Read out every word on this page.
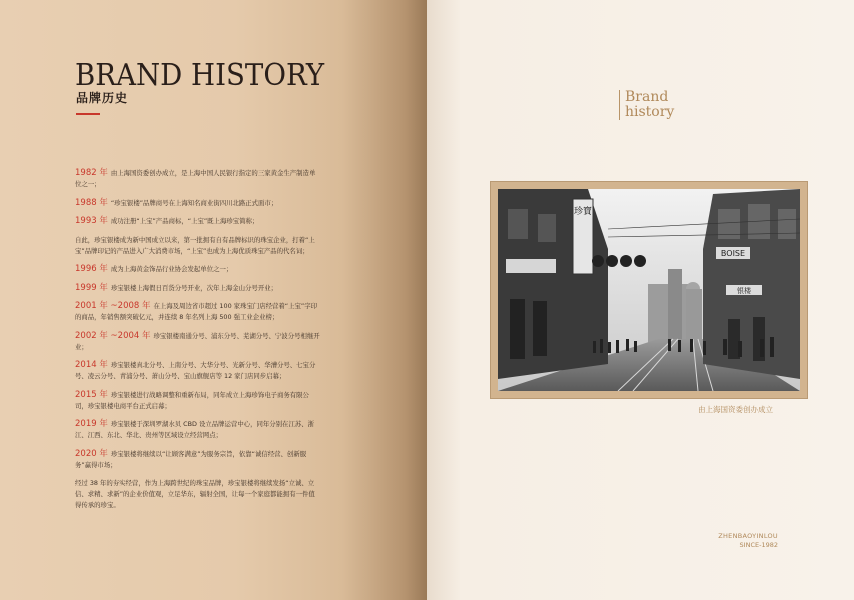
BRAND HISTORY
品牌历史

1982 年 由上海国资委创办成立，是上海中国人民银行指定的三家黄金生产制造单位之一；

1988 年 “珍宝银楼”品牌商号在上海知名商业街四川北路正式面市；

1993 年 成功注册“上宝”产品商标，“上宝”既上海珍宝简称；

自此，珍宝银楼成为新中国成立以来，第一批拥有自有品牌标识的珠宝企业，打着“上宝”品牌印记的产品进入广大消费市场，“上宝”也成为上海优质珠宝产品的代名词；

1996 年 成为上海黄金饰品行业协会发起单位之一；

1999 年 珍宝银楼上海假日百货分号开业，次年上海金山分号开业；

2001 年 ~2008 年 在上海及周边省市超过 100 家珠宝门店经营着“上宝”字印的商品，年销售额突破亿元，并连续 8 年名列上海 500 强工业企业榜；

2002 年 ~2004 年 珍宝银楼南通分号、浦东分号、芜湖分号、宁波分号相继开业；

2014 年 珍宝银楼真北分号、上南分号、大华分号、光新分号、华漕分号、七宝分号、凌云分号、青浦分号、萧山分号、宝山旗舰店等 12 家门店同步启幕；

2015 年 珍宝银楼进行战略调整和重新布局，同年成立上海珍饰电子商务有限公司，珍宝银楼电商平台正式启幕；

2019 年 珍宝银楼于深圳罗湖水贝 CBD 设立品牌运营中心，同年分别在江苏、浙江、江西、东北、华北、贵州等区域设立经营网点；

2020 年 珍宝银楼将继续以“让顾客满意”为服务宗旨，依靠“诚信经营、创新服务”赢得市场；

经过 38 年的夯实经营，作为上海跨世纪的珠宝品牌，珍宝银楼将继续发扬“立诚、立信、求精、求新”的企业价值观，立足华东，辐射全国，让每一个家庭都能拥有一件值得传承的珍宝。

Brand
history
珍寶
BOISE
银楼
由上海国资委创办成立
ZHENBAOYINLOU
SINCE-1982
